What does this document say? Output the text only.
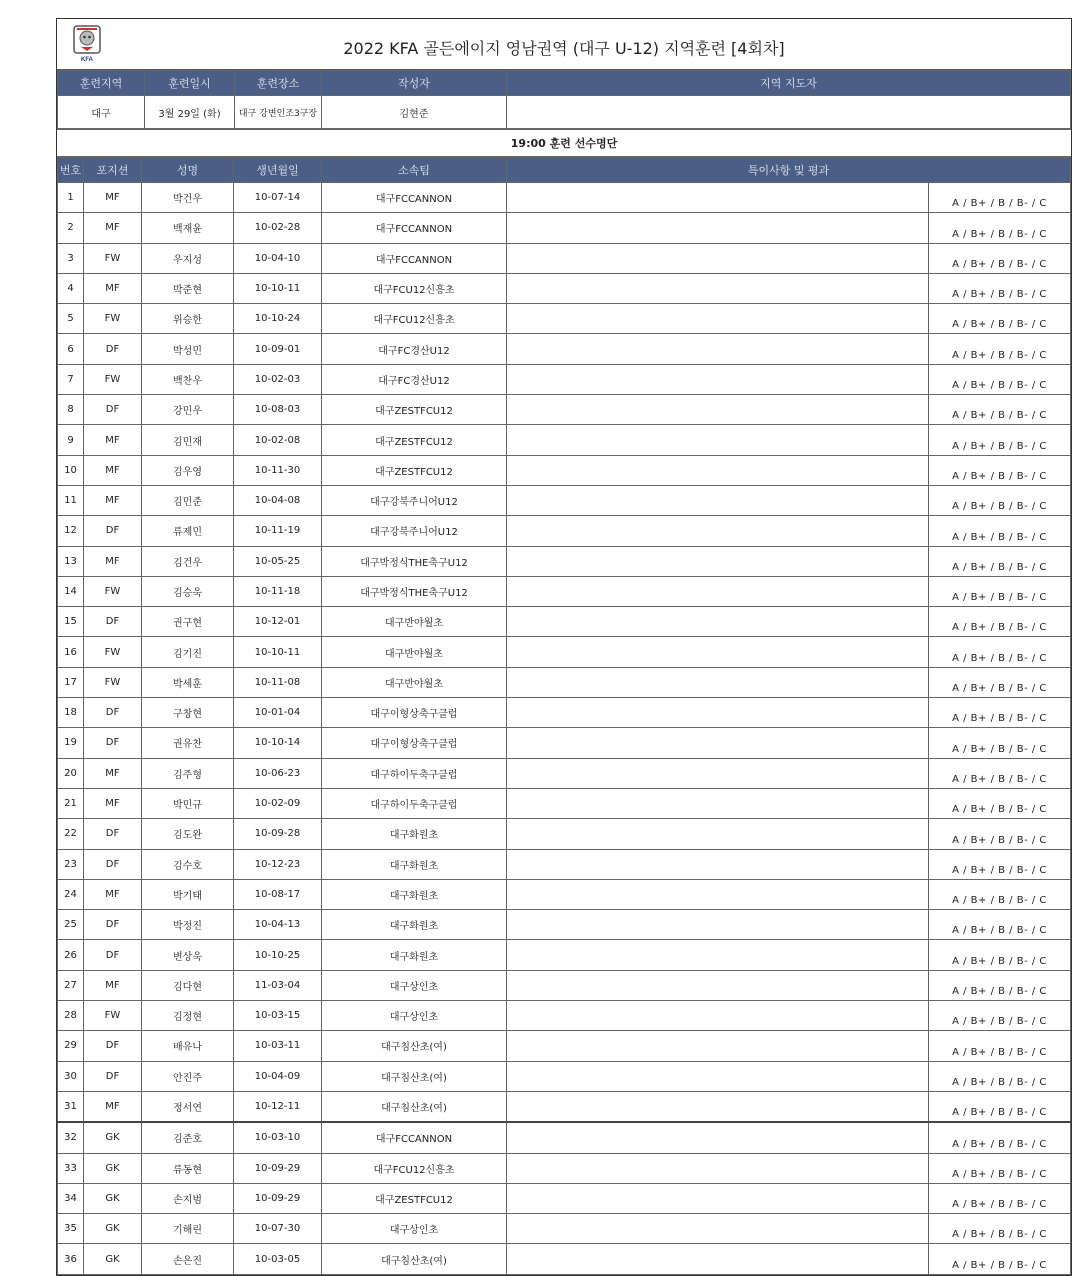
KFA
2022 KFA 골든에이지 영남권역 (대구 U-12) 지역훈련 [4회차]
훈련지역	훈련일시	훈련장소	작성자	지역 지도자
대구	3월 29일 (화)	대구 강변인조3구장	김현준	
19:00 훈련 선수명단
번호	포지션	성명	생년월일	소속팀	특이사항 및 평과	
1	MF	박건우	10-07-14	대구FCCANNON		A / B+ / B / B- / C
2	MF	백재윤	10-02-28	대구FCCANNON		A / B+ / B / B- / C
3	FW	우지성	10-04-10	대구FCCANNON		A / B+ / B / B- / C
4	MF	박준현	10-10-11	대구FCU12신흥초		A / B+ / B / B- / C
5	FW	위승한	10-10-24	대구FCU12신흥초		A / B+ / B / B- / C
6	DF	박성민	10-09-01	대구FC경산U12		A / B+ / B / B- / C
7	FW	백찬우	10-02-03	대구FC경산U12		A / B+ / B / B- / C
8	DF	강민우	10-08-03	대구ZESTFCU12		A / B+ / B / B- / C
9	MF	김민재	10-02-08	대구ZESTFCU12		A / B+ / B / B- / C
10	MF	김우영	10-11-30	대구ZESTFCU12		A / B+ / B / B- / C
11	MF	김민준	10-04-08	대구강북주니어U12		A / B+ / B / B- / C
12	DF	류제민	10-11-19	대구강북주니어U12		A / B+ / B / B- / C
13	MF	김건우	10-05-25	대구박정식THE축구U12		A / B+ / B / B- / C
14	FW	김승욱	10-11-18	대구박정식THE축구U12		A / B+ / B / B- / C
15	DF	권구현	10-12-01	대구반야월초		A / B+ / B / B- / C
16	FW	김기진	10-10-11	대구반야월초		A / B+ / B / B- / C
17	FW	박세훈	10-11-08	대구반야월초		A / B+ / B / B- / C
18	DF	구창현	10-01-04	대구이형상축구클럽		A / B+ / B / B- / C
19	DF	권유찬	10-10-14	대구이형상축구클럽		A / B+ / B / B- / C
20	MF	김주형	10-06-23	대구하이두축구클럽		A / B+ / B / B- / C
21	MF	박민규	10-02-09	대구하이두축구클럽		A / B+ / B / B- / C
22	DF	김도완	10-09-28	대구화원초		A / B+ / B / B- / C
23	DF	김수호	10-12-23	대구화원초		A / B+ / B / B- / C
24	MF	박기태	10-08-17	대구화원초		A / B+ / B / B- / C
25	DF	박정진	10-04-13	대구화원초		A / B+ / B / B- / C
26	DF	변상욱	10-10-25	대구화원초		A / B+ / B / B- / C
27	MF	김다현	11-03-04	대구상인초		A / B+ / B / B- / C
28	FW	김정현	10-03-15	대구상인초		A / B+ / B / B- / C
29	DF	배유나	10-03-11	대구침산초(여)		A / B+ / B / B- / C
30	DF	안진주	10-04-09	대구침산초(여)		A / B+ / B / B- / C
31	MF	정서연	10-12-11	대구침산초(여)		A / B+ / B / B- / C
32	GK	김준호	10-03-10	대구FCCANNON		A / B+ / B / B- / C
33	GK	류동현	10-09-29	대구FCU12신흥초		A / B+ / B / B- / C
34	GK	손지범	10-09-29	대구ZESTFCU12		A / B+ / B / B- / C
35	GK	기해린	10-07-30	대구상인초		A / B+ / B / B- / C
36	GK	손은진	10-03-05	대구침산초(여)		A / B+ / B / B- / C
